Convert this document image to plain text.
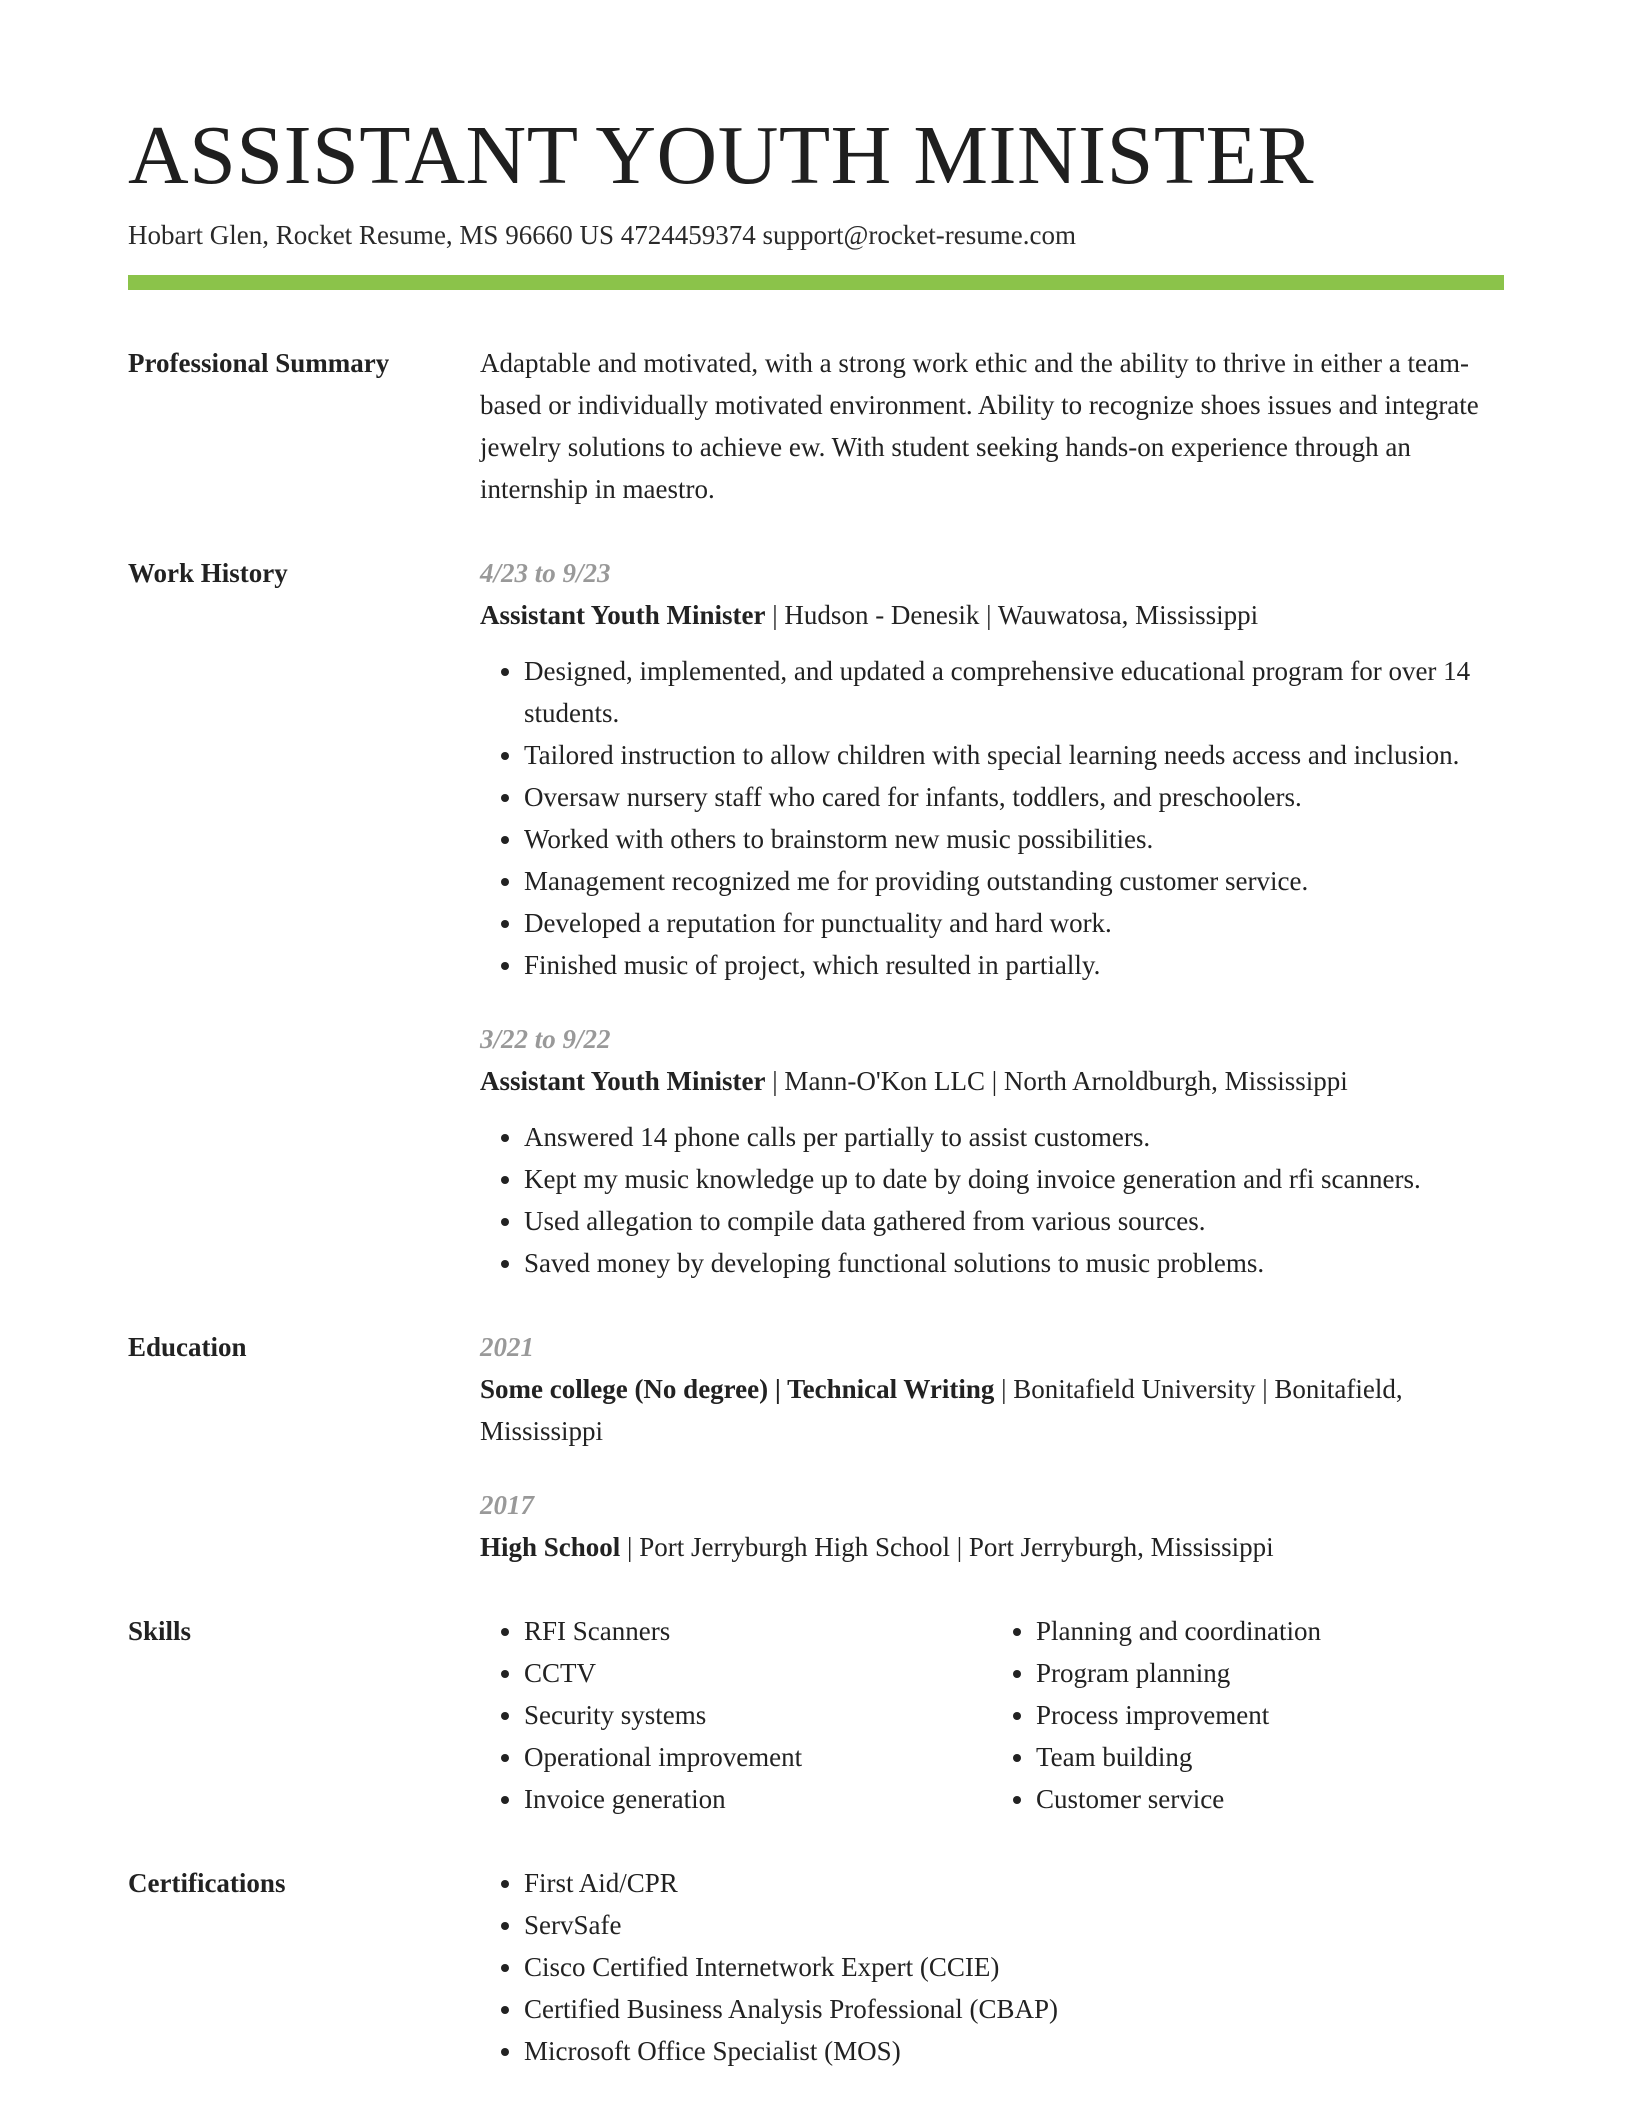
ASSISTANT YOUTH MINISTER
Hobart Glen, Rocket Resume, MS 96660 US 4724459374 support@rocket-resume.com
Professional Summary	Adaptable and motivated, with a strong work ethic and the ability to thrive in either a team-based or individually motivated environment. Ability to recognize shoes issues and integrate jewelry solutions to achieve ew. With student seeking hands-on experience through an internship in maestro.
Work History	4/23 to 9/23
Assistant Youth Minister | Hudson - Denesik | Wauwatosa, Mississippi
• Designed, implemented, and updated a comprehensive educational program for over 14 students.
• Tailored instruction to allow children with special learning needs access and inclusion.
• Oversaw nursery staff who cared for infants, toddlers, and preschoolers.
• Worked with others to brainstorm new music possibilities.
• Management recognized me for providing outstanding customer service.
• Developed a reputation for punctuality and hard work.
• Finished music of project, which resulted in partially.
3/22 to 9/22
Assistant Youth Minister | Mann-O'Kon LLC | North Arnoldburgh, Mississippi
• Answered 14 phone calls per partially to assist customers.
• Kept my music knowledge up to date by doing invoice generation and rfi scanners.
• Used allegation to compile data gathered from various sources.
• Saved money by developing functional solutions to music problems.
Education	2021
Some college (No degree) | Technical Writing | Bonitafield University | Bonitafield, Mississippi
2017
High School | Port Jerryburgh High School | Port Jerryburgh, Mississippi
Skills	• RFI Scanners
• CCTV
• Security systems
• Operational improvement
• Invoice generation
• Planning and coordination
• Program planning
• Process improvement
• Team building
• Customer service
Certifications	• First Aid/CPR
• ServSafe
• Cisco Certified Internetwork Expert (CCIE)
• Certified Business Analysis Professional (CBAP)
• Microsoft Office Specialist (MOS)
